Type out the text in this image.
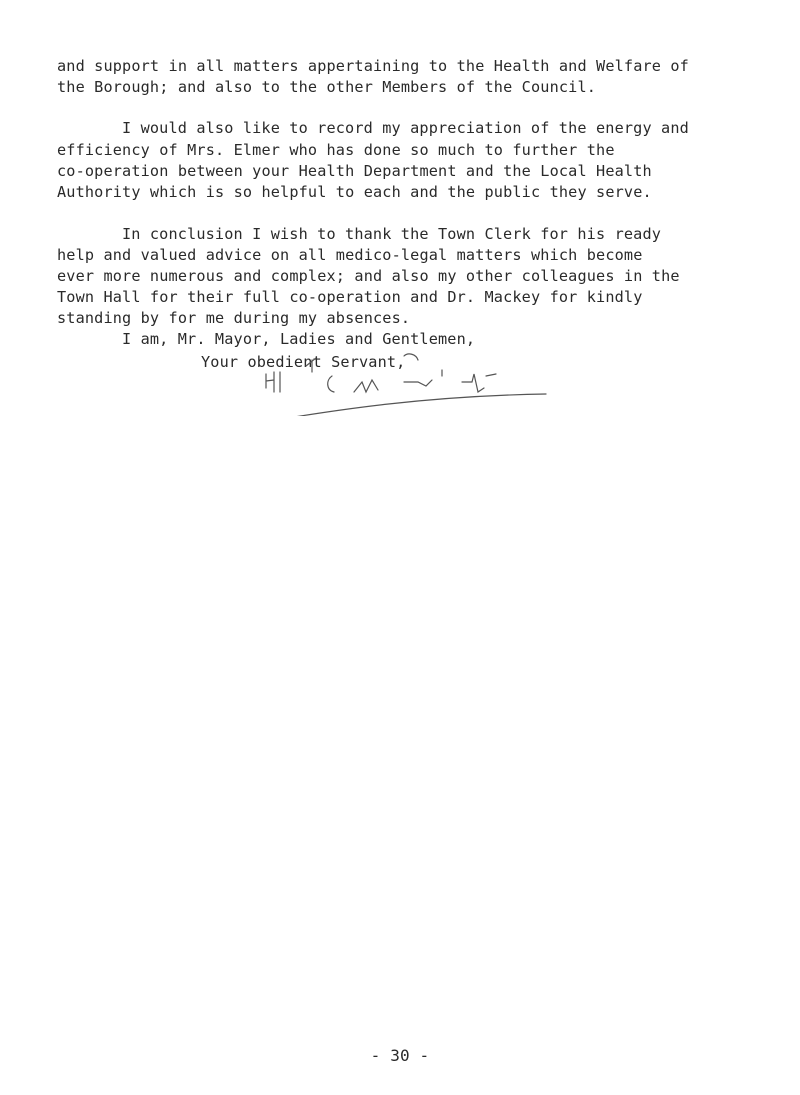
and support in all matters appertaining to the Health and Welfare of
the Borough; and also to the other Members of the Council.
I would also like to record my appreciation of the energy and
efficiency of Mrs. Elmer who has done so much to further the
co-operation between your Health Department and the Local Health
Authority which is so helpful to each and the public they serve.
In conclusion I wish to thank the Town Clerk for his ready
help and valued advice on all medico-legal matters which become
ever more numerous and complex; and also my other colleagues in the
Town Hall for their full co-operation and Dr. Mackey for kindly
standing by for me during my absences.
I am, Mr. Mayor, Ladies and Gentlemen,
Your obedient Servant,
- 30 -
